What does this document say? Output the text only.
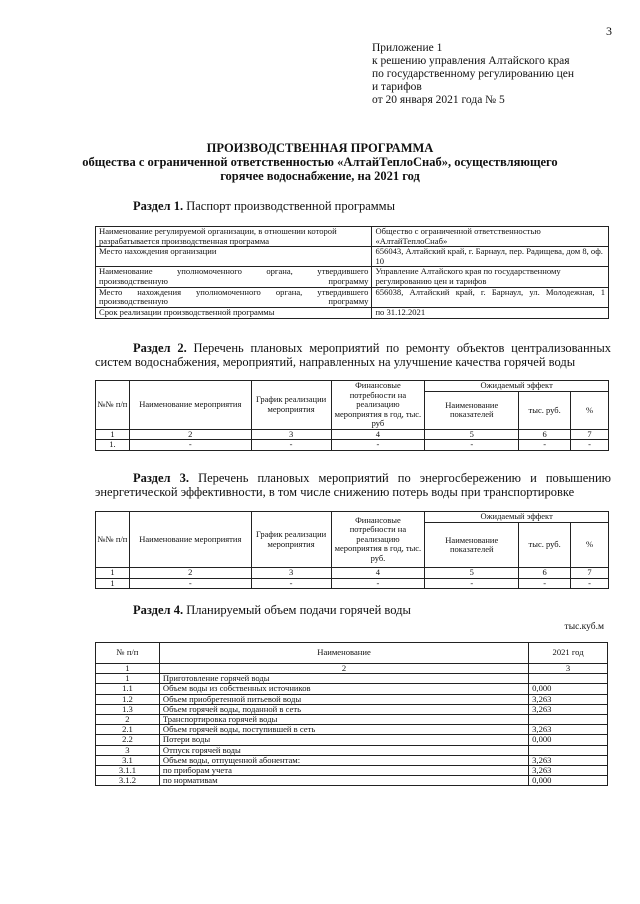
3
Приложение 1
к решению управления Алтайского края
по государственному регулированию цен
и тарифов
от 20 января 2021 года № 5
ПРОИЗВОДСТВЕННАЯ ПРОГРАММА
общества с ограниченной ответственностью «АлтайТеплоСнаб», осуществляющего
горячее водоснабжение, на 2021 год
Раздел 1. Паспорт производственной программы
Наименование регулируемой организации, в отношении которой разрабатывается производственная программа	Общество с ограниченной ответственностью «АлтайТеплоСнаб»
Место нахождения организации	656043, Алтайский край, г. Барнаул, пер. Радищева, дом 8, оф. 10
Наименование уполномоченного органа, утвердившего производственную программу	Управление Алтайского края по государственному регулированию цен и тарифов
Место нахождения уполномоченного органа, утвердившего производственную программу	656038, Алтайский край, г. Барнаул, ул. Молодежная, 1
Срок реализации производственной программы	по 31.12.2021
Раздел 2. Перечень плановых мероприятий по ремонту объектов централизованных систем водоснабжения, мероприятий, направленных на улучшение качества горячей воды
№№ п/п	Наименование мероприятия	График реализации мероприятия	Финансовые потребности на реализацию мероприятия в год, тыс. руб	Ожидаемый эффект		
				Наименование показателей	тыс. руб.	%
1	2	3	4	5	6	7
1.	-	-	-	-	-	-
Раздел 3. Перечень плановых мероприятий по энергосбережению и повышению энергетической эффективности, в том числе снижению потерь воды при транспортировке
№№ п/п	Наименование мероприятия	График реализации мероприятия	Финансовые потребности на реализацию мероприятия в год, тыс. руб.	Ожидаемый эффект		
				Наименование показателей	тыс. руб.	%
1	2	3	4	5	6	7
1	-	-	-	-	-	-
Раздел 4. Планируемый объем подачи горячей воды
тыс.куб.м
№ п/п	Наименование	2021 год
1	2	3
1	Приготовление горячей воды	
1.1	Объем воды из собственных источников	0,000
1.2	Объем приобретенной питьевой воды	3,263
1.3	Объем горячей воды, поданной в сеть	3,263
2	Транспортировка горячей воды	
2.1	Объем горячей воды, поступившей в сеть	3,263
2.2	Потери воды	0,000
3	Отпуск горячей воды	
3.1	Объем воды, отпущенной абонентам:	3,263
3.1.1	по приборам учета	3,263
3.1.2	по нормативам	0,000
